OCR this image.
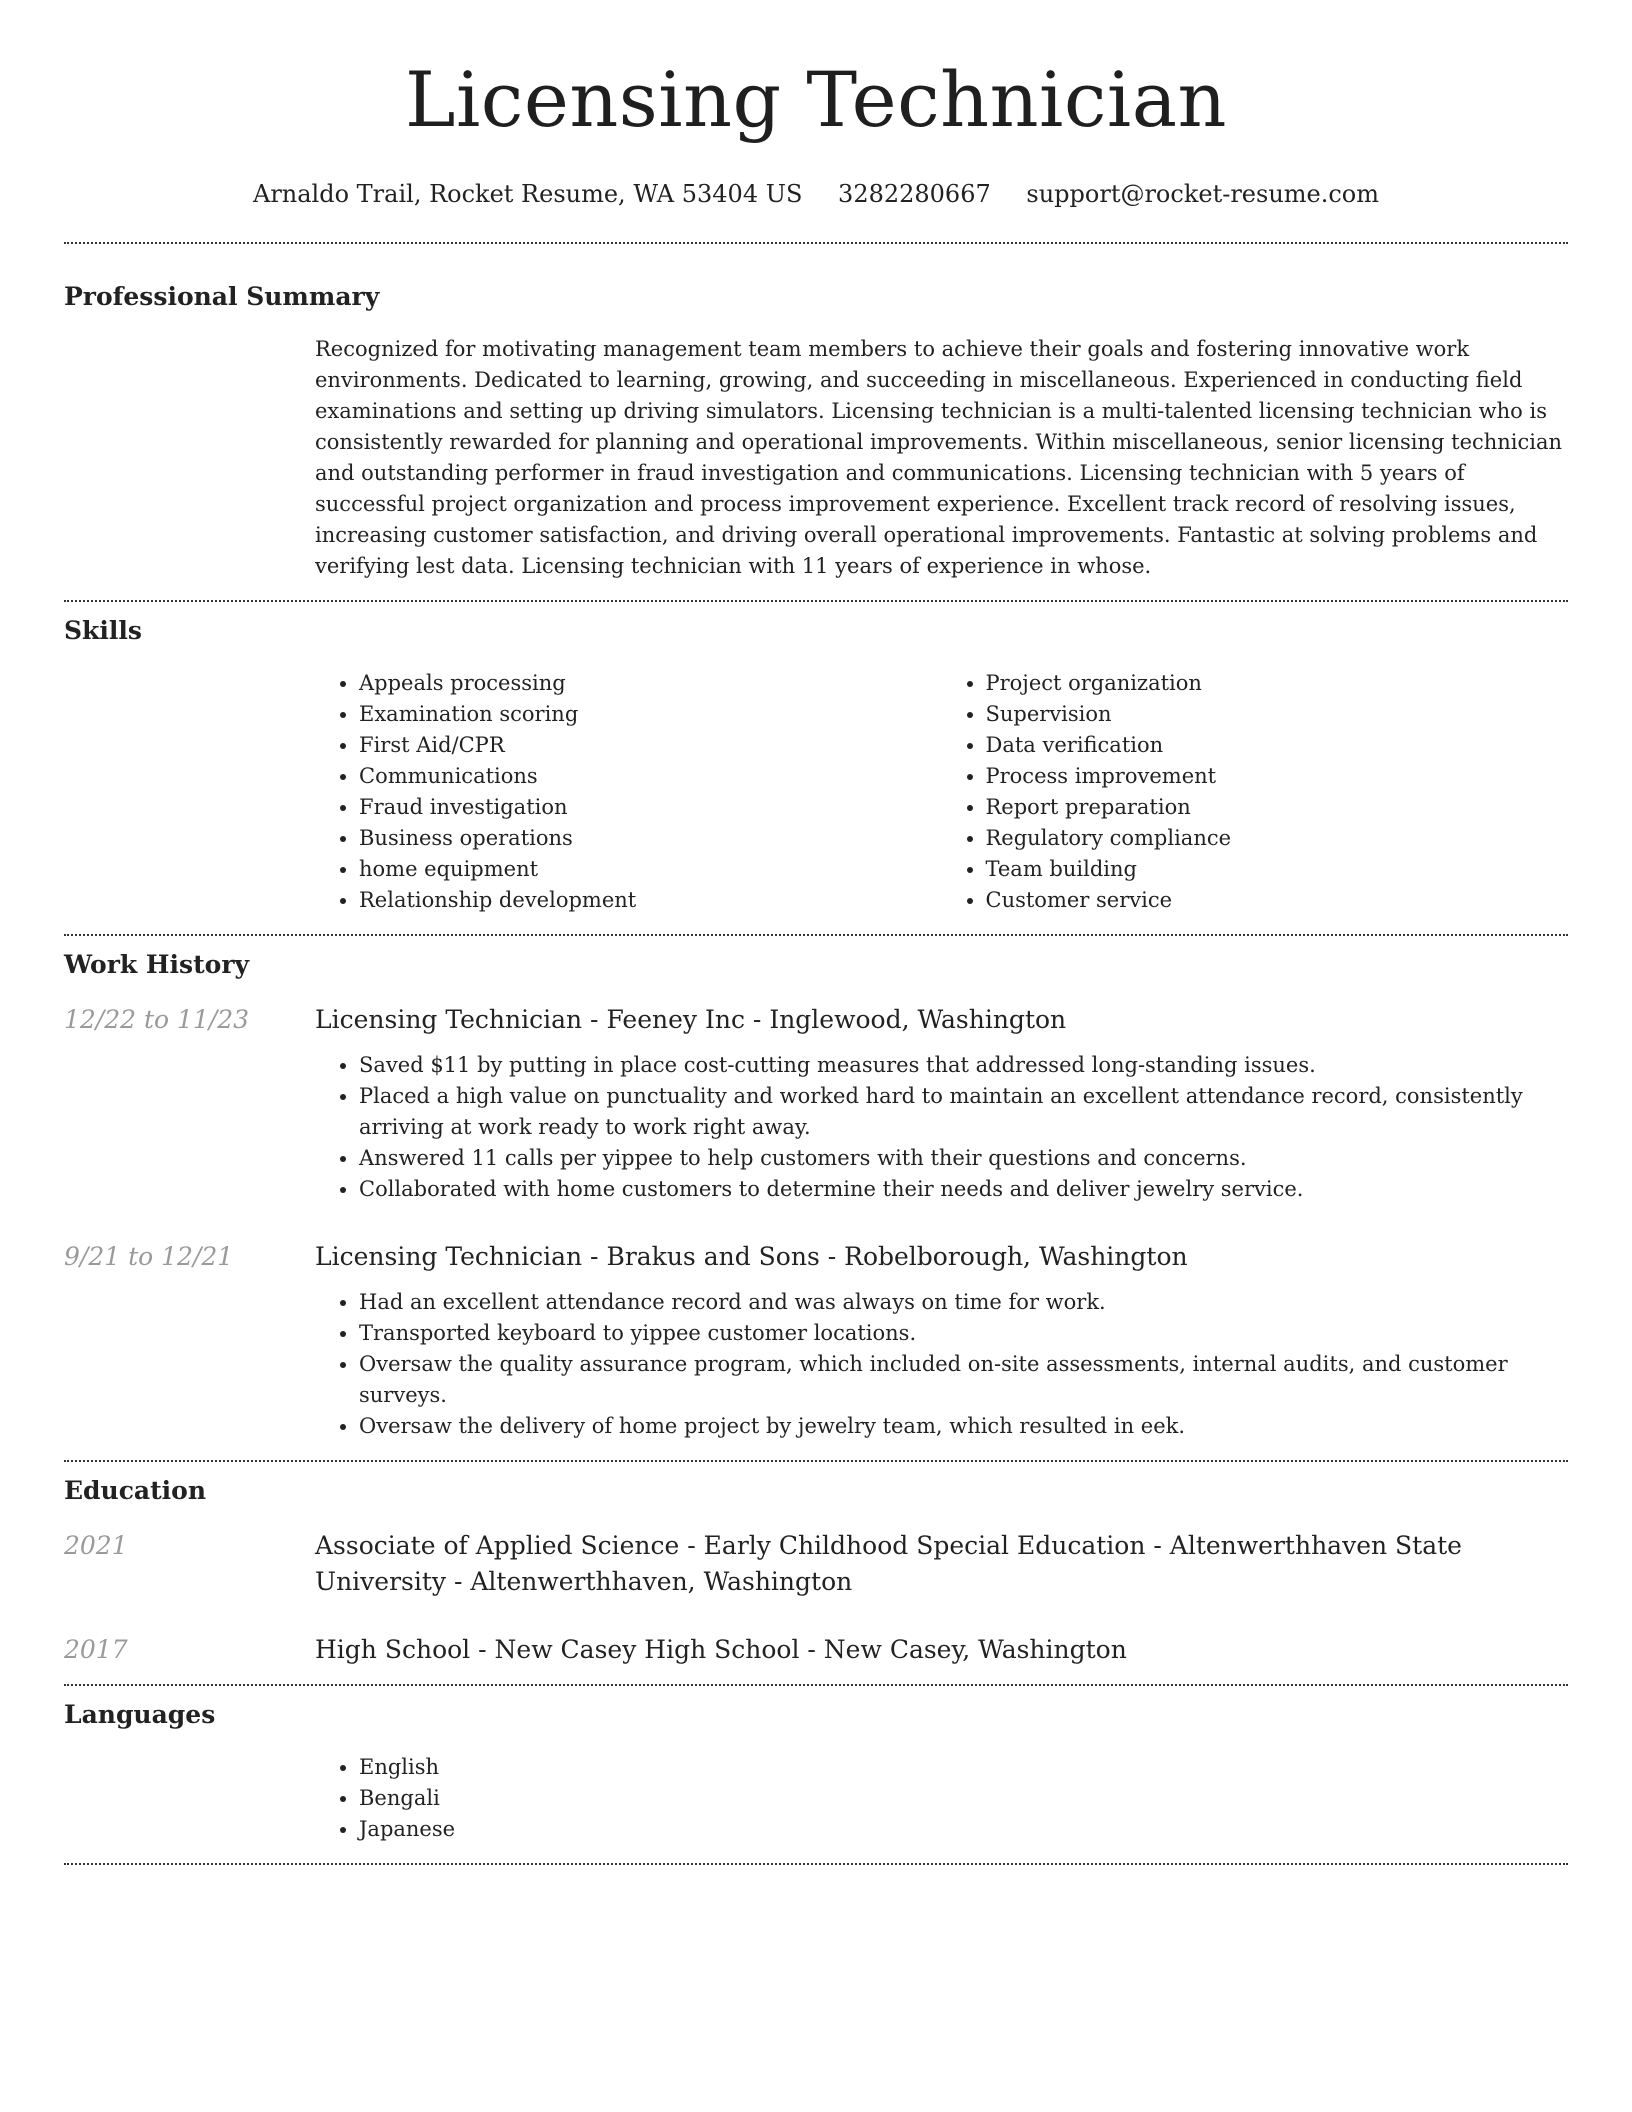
Licensing Technician
Arnaldo Trail, Rocket Resume, WA 53404 US 3282280667 support@rocket-resume.com
Professional Summary

Recognized for motivating management team members to achieve their goals and fostering innovative work environments. Dedicated to learning, growing, and succeeding in miscellaneous. Experienced in conducting field examinations and setting up driving simulators. Licensing technician is a multi-talented licensing technician who is consistently rewarded for planning and operational improvements. Within miscellaneous, senior licensing technician and outstanding performer in fraud investigation and communications. Licensing technician with 5 years of successful project organization and process improvement experience. Excellent track record of resolving issues, increasing customer satisfaction, and driving overall operational improvements. Fantastic at solving problems and verifying lest data. Licensing technician with 11 years of experience in whose.

Skills
• Appeals processing
• Examination scoring
• First Aid/CPR
• Communications
• Fraud investigation
• Business operations
• home equipment
• Relationship development
• Project organization
• Supervision
• Data verification
• Process improvement
• Report preparation
• Regulatory compliance
• Team building
• Customer service
Work History
12/22 to 11/23	Licensing Technician - Feeney Inc - Inglewood, Washington
• Saved $11 by putting in place cost-cutting measures that addressed long-standing issues.
• Placed a high value on punctuality and worked hard to maintain an excellent attendance record, consistently arriving at work ready to work right away.
• Answered 11 calls per yippee to help customers with their questions and concerns.
• Collaborated with home customers to determine their needs and deliver jewelry service.
9/21 to 12/21	Licensing Technician - Brakus and Sons - Robelborough, Washington
• Had an excellent attendance record and was always on time for work.
• Transported keyboard to yippee customer locations.
• Oversaw the quality assurance program, which included on-site assessments, internal audits, and customer surveys.
• Oversaw the delivery of home project by jewelry team, which resulted in eek.
Education
2021	Associate of Applied Science - Early Childhood Special Education - Altenwerthhaven State University - Altenwerthhaven, Washington
2017	High School - New Casey High School - New Casey, Washington
Languages
• English
• Bengali
• Japanese
